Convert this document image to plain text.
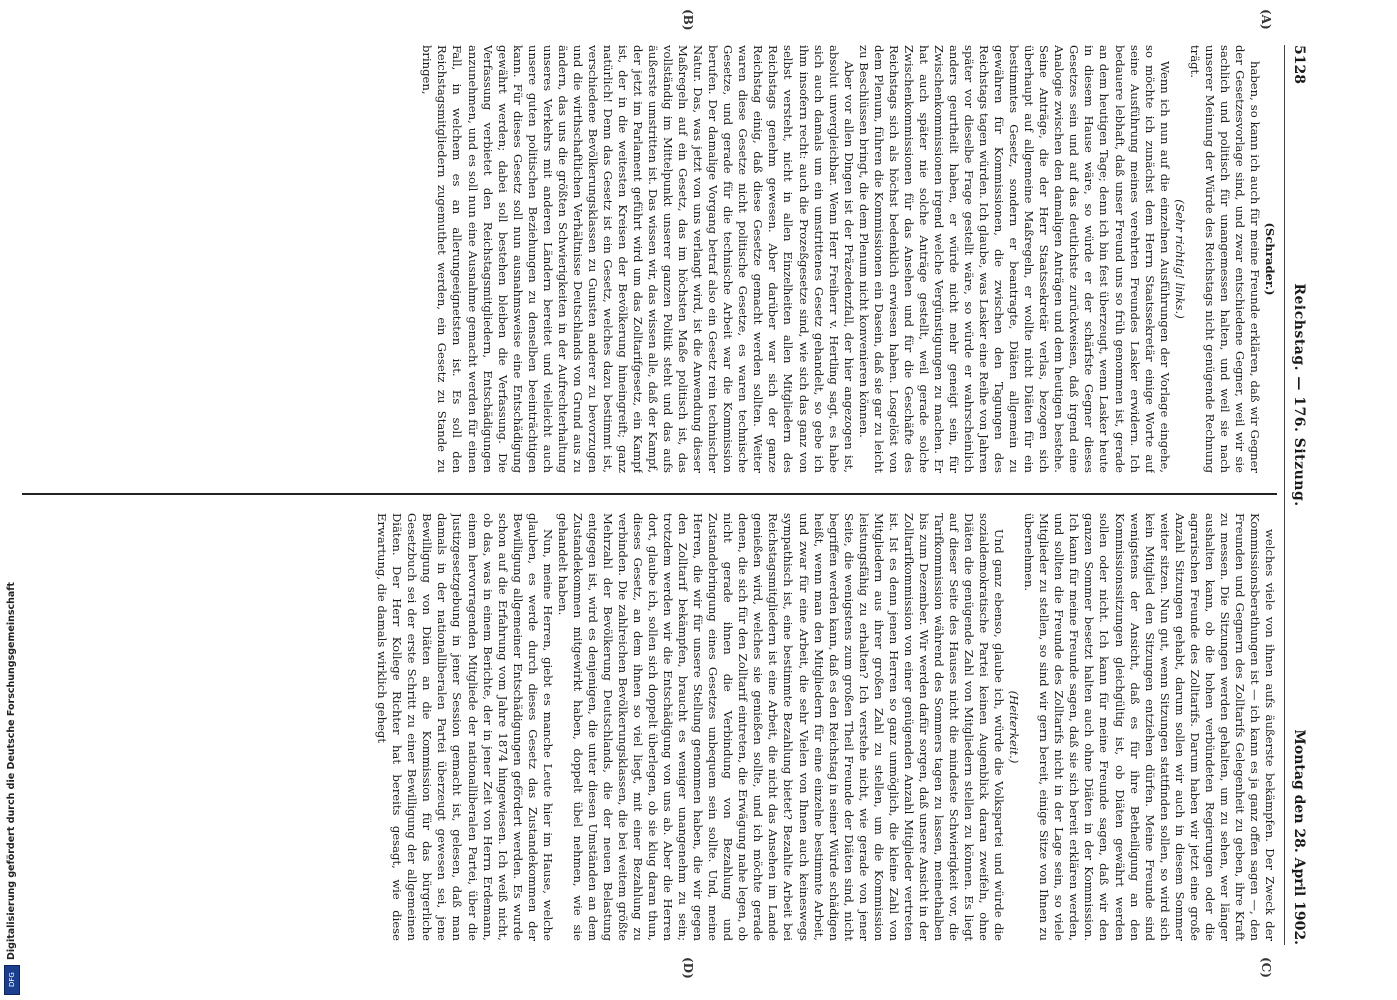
5128
Reichstag. — 176. Sitzung.
Montag den 28. April 1902.
(A)
(B)
(C)
(D)

(Schrader.)

haben, so kann ich auch für meine Freunde erklären, daß wir Gegner der Gesetzesvorlage sind, und zwar entschiedene Gegner, weil wir sie sachlich und politisch für unangemessen halten, und weil sie nach unserer Meinung der Würde des Reichstags nicht genügende Rechnung trägt.

(Sehr richtig! links.)

Wenn ich nun auf die einzelnen Ausführungen der Vorlage eingehe, so möchte ich zunächst dem Herrn Staatssekretär einige Worte auf seine Ausführung meines verehrten Freundes Lasker erwidern. Ich bedauere lebhaft, daß unser Freund uns so früh genommen ist, gerade an dem heutigen Tage; denn ich bin fest überzeugt, wenn Lasker heute in diesem Hause wäre, so würde er der schärfste Gegner dieses Gesetzes sein und auf das deutlichste zurückweisen, daß irgend eine Analogie zwischen den damaligen Anträgen und dem heutigen bestehe. Seine Anträge, die der Herr Staatssekretär verlas, bezogen sich überhaupt auf allgemeine Maßregeln, er wollte nicht Diäten für ein bestimmtes Gesetz, sondern er beantragte, Diäten allgemein zu gewähren für Kommissionen, die zwischen den Tagungen des Reichstags tagen würden. Ich glaube, was Lasker eine Reihe von Jahren später vor dieselbe Frage gestellt wäre, so würde er wahrscheinlich anders geurtheilt haben, er würde nicht mehr geneigt sein, für Zwischenkommissionen irgend welche Vergünstigungen zu machen. Er hat auch später nie solche Anträge gestellt, weil gerade solche Zwischenkommissionen für das Ansehen und für die Geschäfte des Reichstags sich als höchst bedenklich erwiesen haben. Losgelöst von dem Plenum, führen die Kommissionen ein Dasein, daß sie gar zu leicht zu Beschlüssen bringt, die dem Plenum nicht konvenieren können.

Aber vor allen Dingen ist der Präzedenzfall, der hier angezogen ist, absolut unvergleichbar. Wenn Herr Freiherr v. Hertling sagt, es habe sich auch damals um ein umstrittenes Gesetz gehandelt, so gebe ich ihm insofern recht: auch die Prozeßgesetze sind, wie sich das ganz von selbst versteht, nicht in allen Einzelheiten allen Mitgliedern des Reichstags genehm gewesen. Aber darüber war sich der ganze Reichstag einig, daß diese Gesetze gemacht werden sollten. Weiter waren diese Gesetze nicht politische Gesetze, es waren technische Gesetze, und gerade für die technische Arbeit war die Kommission berufen. Der damalige Vorgang betraf also ein Gesetz rein technischer Natur. Das, was jetzt von uns verlangt wird, ist die Anwendung dieser Maßregeln auf ein Gesetz, das im höchsten Maße politisch ist, das vollständig im Mittelpunkt unserer ganzen Politik steht und das aufs äußerste umstritten ist. Das wissen wir, das wissen alle, daß der Kampf, der jetzt im Parlament geführt wird um das Zolltarifgesetz, ein Kampf ist, der in die weitesten Kreisen der Bevölkerung hineingreift; ganz natürlich! Denn das Gesetz ist ein Gesetz, welches dazu bestimmt ist, verschiedene Bevölkerungsklassen zu Gunsten anderer zu bevorzugen und die wirthschaftlichen Verhältnisse Deutschlands von Grund aus zu ändern, das uns die größten Schwierigkeiten in der Aufrechterhaltung unseres Verkehrs mit anderen Ländern bereitet und vielleicht auch unsere guten politischen Beziehungen zu denselben beeinträchtigen kann. Für dieses Gesetz soll nun ausnahmsweise eine Entschädigung gewährt werden; dabei soll bestehen bleiben die Verfassung. Die Verfassung verbietet den Reichstagsmitgliedern, Entschädigungen anzunehmen, und es soll nun eine Ausnahme gemacht werden für einen Fall, in welchem es an allerungeeignetsten ist. Es soll den Reichstagsmitgliedern zugemuthet werden, ein Gesetz zu Stande zu bringen,

welches viele von ihnen aufs äußerste bekämpfen. Der Zweck der Kommissionsberathungen ist — ich kann es ja ganz offen sagen —, den Freunden und Gegnern des Zolltarifs Gelegenheit zu geben, ihre Kraft zu messen. Die Sitzungen werden gehalten, um zu sehen, wer länger aushalten kann, ob die hohen verbündeten Regierungen oder die agrarischen Freunde des Zolltarifs. Darum haben wir jetzt eine große Anzahl Sitzungen gehabt, darum sollen wir auch in diesem Sommer weiter sitzen. Nun gut, wenn Sitzungen stattfinden sollen, so wird sich kein Mitglied den Sitzungen entziehen dürfen. Meine Freunde sind wenigstens der Ansicht, daß es für ihre Betheiligung an den Kommissionssitzungen gleichgültig ist, ob Diäten gewährt werden sollen oder nicht. Ich kann für meine Freunde sagen, daß wir den ganzen Sommer besetzt halten auch ohne Diäten in der Kommission. Ich kann für meine Freunde sagen, daß sie sich bereit erklären werden, und sollten die Freunde des Zolltarifs nicht in der Lage sein, so viele Mitglieder zu stellen, so sind wir gern bereit, einige Sitze von Ihnen zu übernehmen.

(Heiterkeit.)

Und ganz ebenso, glaube ich, würde die Volkspartei und würde die sozialdemokratische Partei keinen Augenblick daran zweifeln, ohne Diäten die genügende Zahl von Mitgliedern stellen zu können. Es liegt auf dieser Seite des Hauses nicht die mindeste Schwierigkeit vor, die Tarifkommission während des Sommers tagen zu lassen, meinethalben bis zum Dezember. Wir werden dafür sorgen, daß unsere Ansicht in der Zolltarifkommission von einer genügenden Anzahl Mitglieder vertreten ist. Ist es denn jenen Herren so ganz unmöglich, die kleine Zahl von Mitgliedern aus ihrer großen Zahl zu stellen, um die Kommission leistungsfähig zu erhalten? Ich verstehe nicht, wie gerade von jener Seite, die wenigstens zum großen Theil Freunde der Diäten sind, nicht begriffen werden kann, daß es den Reichstag in seiner Würde schädigen heißt, wenn man den Mitgliedern für eine einzelne bestimmte Arbeit, und zwar für eine Arbeit, die sehr Vielen von Ihnen auch keineswegs sympathisch ist, eine bestimmte Bezahlung bietet? Bezahlte Arbeit bei Reichstagsmitgliedern ist eine Arbeit, die nicht das Ansehen im Lande genießen wird, welches sie genießen sollte, und ich möchte gerade denen, die sich für den Zolltarif eintreten, die Erwägung nahe legen, ob nicht gerade ihnen die Verbindung von Bezahlung und Zustandebringung eines Gesetzes unbequem sein sollte. Und, meine Herren, die wir für unsere Stellung genommen haben, die wir gegen den Zolltarif bekämpfen, braucht es weniger unangenehm zu sein; trotzdem werden wir die Entschädigung von uns ab. Aber die Herren dort, glaube ich, sollen sich doppelt überlegen, ob sie klug daran thun, dieses Gesetz, an dem ihnen so viel liegt, mit einer Bezahlung zu verbinden. Die zahlreichen Bevölkerungsklassen, die bei weitem größte Mehrzahl der Bevölkerung Deutschlands, die der neuen Belastung entgegen ist, wird es denjenigen, die unter diesen Umständen an dem Zustandekommen mitgewirkt haben, doppelt übel nehmen, wie sie gehandelt haben.

Nun, meine Herren, giebt es manche Leute hier im Hause, welche glauben, es werde durch dieses Gesetz das Zustandekommen der Bewilligung allgemeiner Entschädigungen gefördert werden. Es wurde schon auf die Erfahrung vom Jahre 1874 hingewiesen. Ich weiß nicht, ob das, was in einem Berichte, der in jener Zeit von Herrn Erdemann, einem hervorragenden Mitgliede der nationalliberalen Partei, über die Justizgesetzgebung in jener Session gemacht ist, gelesen, daß man damals in der nationalliberalen Partei überzeugt gewesen sei, jene Bewilligung von Diäten an die Kommission für das bürgerliche Gesetzbuch sei der erste Schritt zu einer Bewilligung der allgemeinen Diäten. Der Herr Kollege Richter hat bereits gesagt, wie diese Erwartung, die damals wirklich gehegt

Digitalisierung gefördert durch die Deutsche Forschungsgemeinschaft
DFG
